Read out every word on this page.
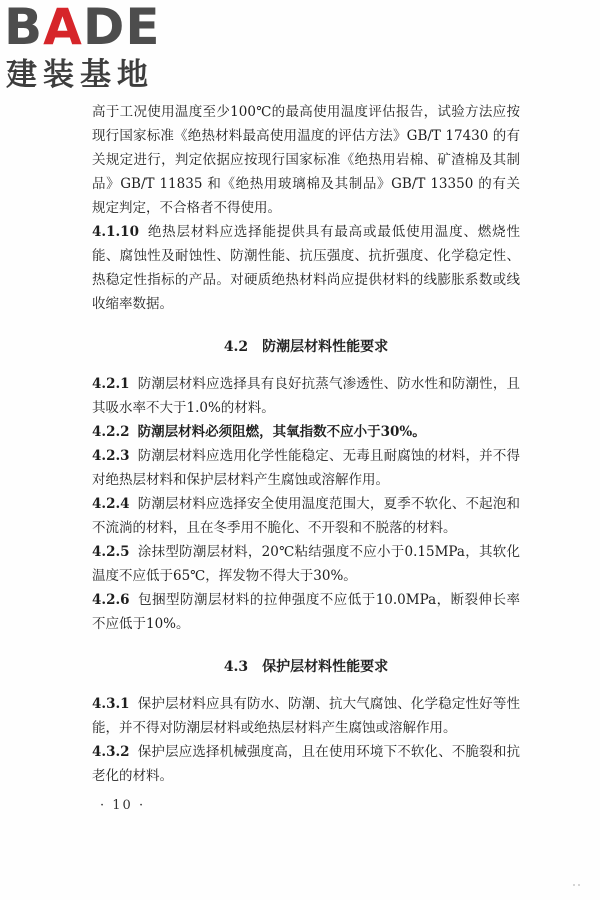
BADE
建装基地

高于工况使用温度至少100℃的最高使用温度评估报告，试验方法应按现行国家标准《绝热材料最高使用温度的评估方法》GB/T 17430 的有关规定进行，判定依据应按现行国家标准《绝热用岩棉、矿渣棉及其制品》GB/T 11835 和《绝热用玻璃棉及其制品》GB/T 13350 的有关规定判定，不合格者不得使用。

4.1.10 绝热层材料应选择能提供具有最高或最低使用温度、燃烧性能、腐蚀性及耐蚀性、防潮性能、抗压强度、抗折强度、化学稳定性、热稳定性指标的产品。对硬质绝热材料尚应提供材料的线膨胀系数或线收缩率数据。

4.2 防潮层材料性能要求

4.2.1 防潮层材料应选择具有良好抗蒸气渗透性、防水性和防潮性，且其吸水率不大于1.0%的材料。

4.2.2 防潮层材料必须阻燃，其氧指数不应小于30%。

4.2.3 防潮层材料应选用化学性能稳定、无毒且耐腐蚀的材料，并不得对绝热层材料和保护层材料产生腐蚀或溶解作用。

4.2.4 防潮层材料应选择安全使用温度范围大，夏季不软化、不起泡和不流淌的材料，且在冬季用不脆化、不开裂和不脱落的材料。

4.2.5 涂抹型防潮层材料，20℃粘结强度不应小于0.15MPa，其软化温度不应低于65℃，挥发物不得大于30%。

4.2.6 包捆型防潮层材料的拉伸强度不应低于10.0MPa，断裂伸长率不应低于10%。

4.3 保护层材料性能要求

4.3.1 保护层材料应具有防水、防潮、抗大气腐蚀、化学稳定性好等性能，并不得对防潮层材料或绝热层材料产生腐蚀或溶解作用。

4.3.2 保护层应选择机械强度高，且在使用环境下不软化、不脆裂和抗老化的材料。

· 10 ·
